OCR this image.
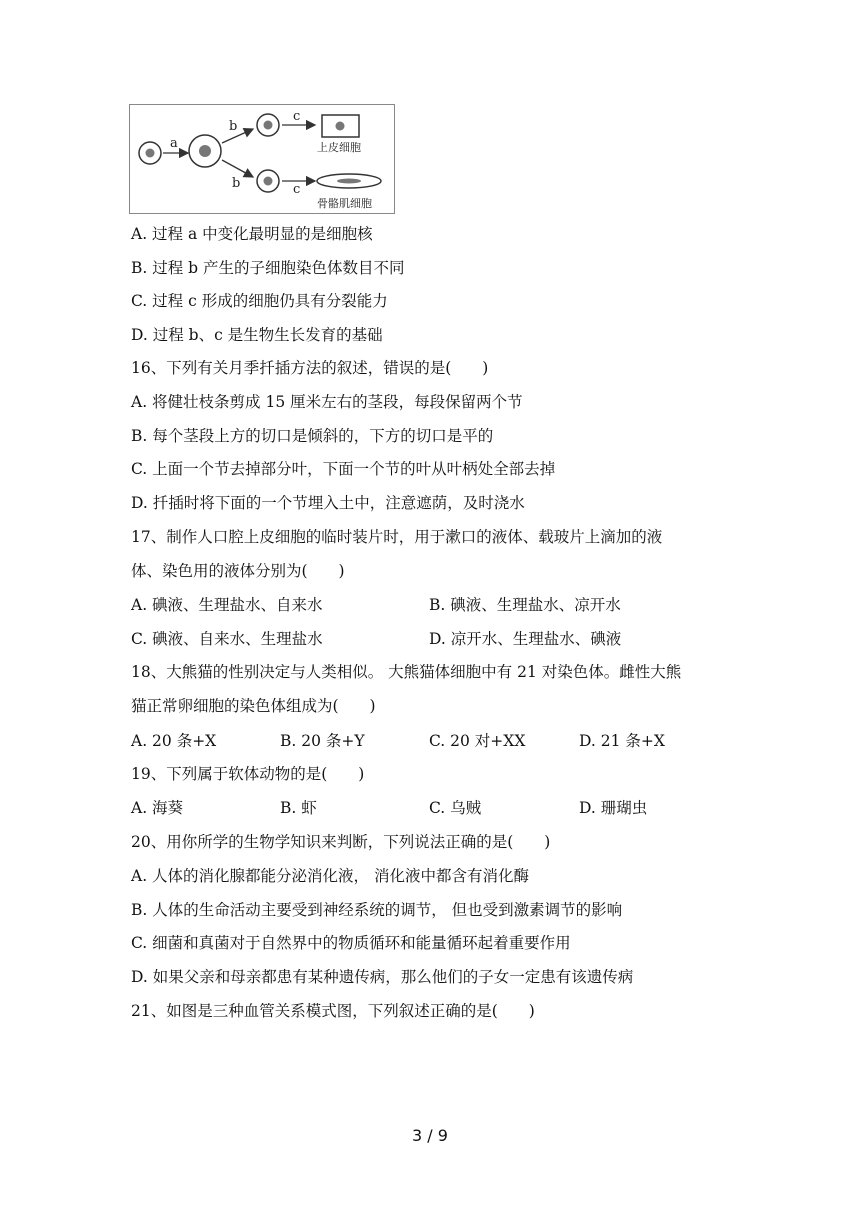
a
b
b
c
c
上皮细胞
骨骼肌细胞
A. 过程 a 中变化最明显的是细胞核
B. 过程 b 产生的子细胞染色体数目不同
C. 过程 c 形成的细胞仍具有分裂能力
D. 过程 b、c 是生物生长发育的基础
16、下列有关月季扦插方法的叙述，错误的是(　　)
A. 将健壮枝条剪成 15 厘米左右的茎段，每段保留两个节
B. 每个茎段上方的切口是倾斜的，下方的切口是平的
C. 上面一个节去掉部分叶，下面一个节的叶从叶柄处全部去掉
D. 扦插时将下面的一个节埋入土中，注意遮荫，及时浇水
17、制作人口腔上皮细胞的临时装片时，用于漱口的液体、载玻片上滴加的液
体、染色用的液体分别为(　　)
A. 碘液、生理盐水、自来水	B. 碘液、生理盐水、凉开水
C. 碘液、自来水、生理盐水	D. 凉开水、生理盐水、碘液
18、大熊猫的性别决定与人类相似。 大熊猫体细胞中有 21 对染色体。雌性大熊
猫正常卵细胞的染色体组成为(　　)
A. 20 条+X	B. 20 条+Y	C. 20 对+XX	D. 21 条+X
19、下列属于软体动物的是(　　)
A. 海葵	B. 虾	C. 乌贼	D. 珊瑚虫
20、用你所学的生物学知识来判断，下列说法正确的是(　　)
A. 人体的消化腺都能分泌消化液， 消化液中都含有消化酶
B. 人体的生命活动主要受到神经系统的调节， 但也受到激素调节的影响
C. 细菌和真菌对于自然界中的物质循环和能量循环起着重要作用
D. 如果父亲和母亲都患有某种遗传病，那么他们的子女一定患有该遗传病
21、如图是三种血管关系模式图，下列叙述正确的是(　　)
3 / 9
